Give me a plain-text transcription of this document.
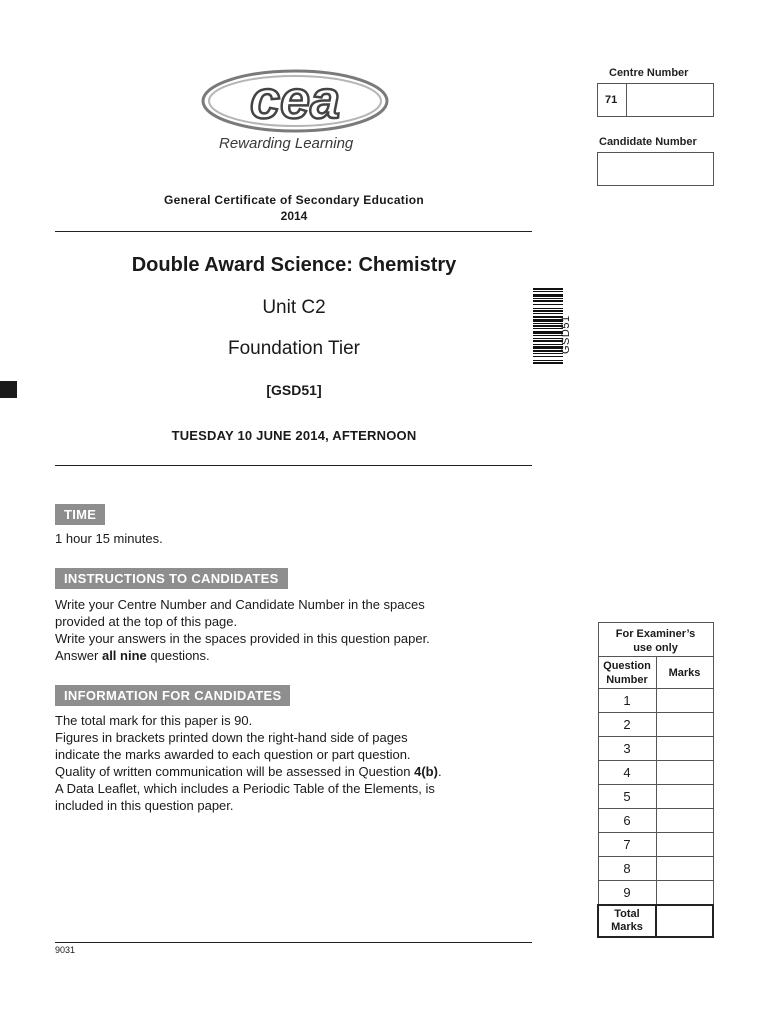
cea
Rewarding Learning
Centre Number
71
Candidate Number
General Certificate of Secondary Education
2014
Double Award Science: Chemistry
Unit C2
Foundation Tier
[GSD51]
TUESDAY 10 JUNE 2014, AFTERNOON
GSD51
TIME
1 hour 15 minutes.
INSTRUCTIONS TO CANDIDATES
Write your Centre Number and Candidate Number in the spaces
provided at the top of this page.
Write your answers in the spaces provided in this question paper.
Answer all nine questions.
INFORMATION FOR CANDIDATES
The total mark for this paper is 90.
Figures in brackets printed down the right-hand side of pages
indicate the marks awarded to each question or part question.
Quality of written communication will be assessed in Question 4(b).
A Data Leaflet, which includes a Periodic Table of the Elements, is
included in this question paper.
For Examiner’s
use only	

Question
Number	Marks
1	
2	
3	
4	
5	
6	
7	
8	
9	

Total
Marks	

9031
